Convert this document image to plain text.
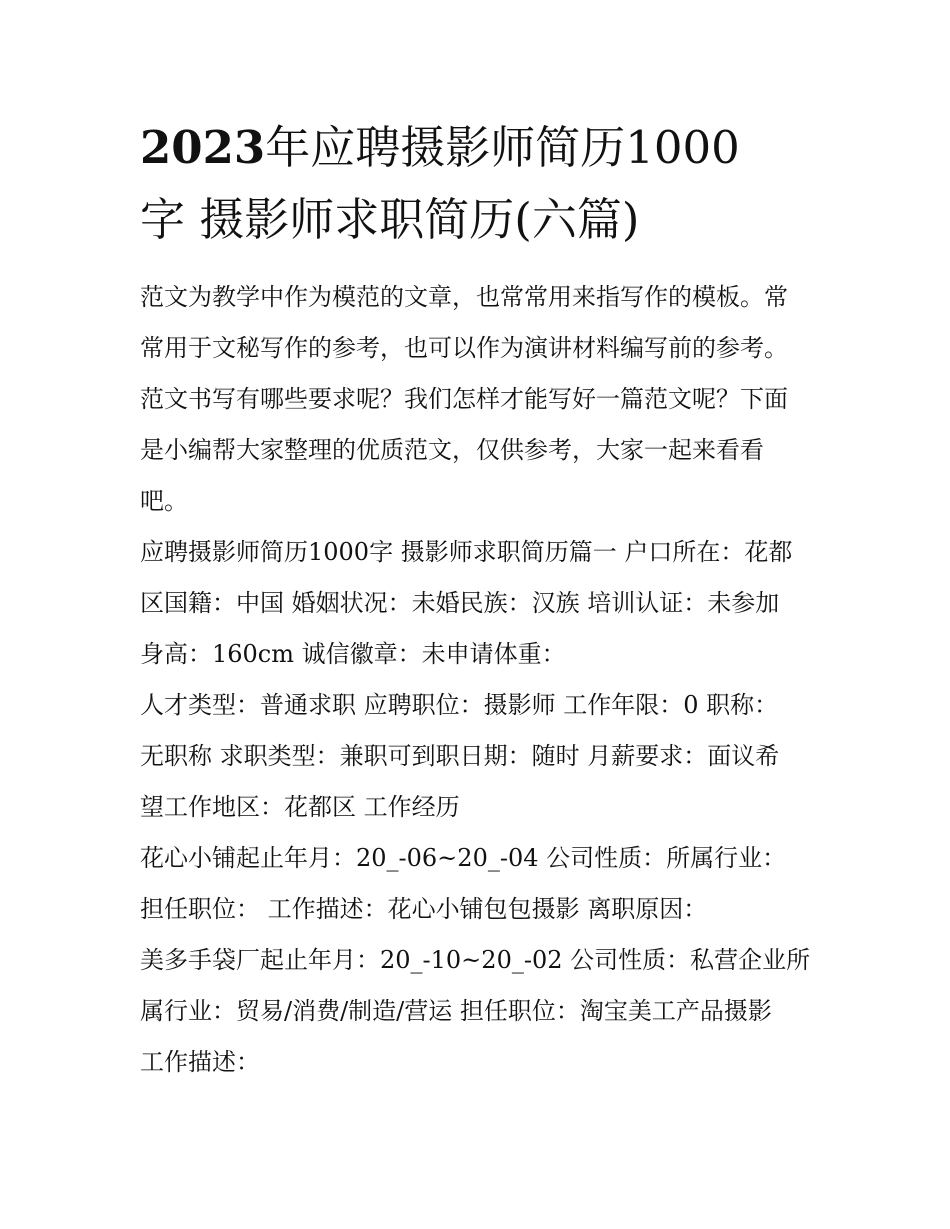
2023年应聘摄影师简历1000
字 摄影师求职简历(六篇)

范文为教学中作为模范的文章，也常常用来指写作的模板。常
常用于文秘写作的参考，也可以作为演讲材料编写前的参考。
范文书写有哪些要求呢？我们怎样才能写好一篇范文呢？下面
是小编帮大家整理的优质范文，仅供参考，大家一起来看看
吧。

应聘摄影师简历1000字 摄影师求职简历篇一 户口所在：花都
区国籍：中国 婚姻状况：未婚民族：汉族 培训认证：未参加
身高：160cm 诚信徽章：未申请体重：

人才类型：普通求职 应聘职位：摄影师 工作年限：0 职称：
无职称 求职类型：兼职可到职日期：随时 月薪要求：面议希
望工作地区：花都区 工作经历

花心小铺起止年月：20_-06~20_-04 公司性质：所属行业：
担任职位： 工作描述：花心小铺包包摄影 离职原因：

美多手袋厂起止年月：20_-10~20_-02 公司性质：私营企业所
属行业：贸易/消费/制造/营运 担任职位：淘宝美工产品摄影
工作描述：
